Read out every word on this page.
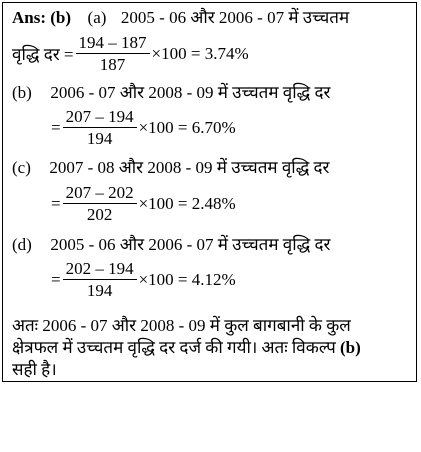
Ans: (b) (a) 2005 - 06 और 2006 - 07 में उच्चतम
वृद्धि दर = $\frac{194 - 187}{187} \times 100 = 3.74\%$
(b) 2006 - 07 और 2008 - 09 में उच्चतम वृद्धि दर
= $\frac{207 - 194}{194} \times 100 = 6.70\%$
(c) 2007 - 08 और 2008 - 09 में उच्चतम वृद्धि दर
= $\frac{207 - 202}{202} \times 100 = 2.48\%$
(d) 2005 - 06 और 2006 - 07 में उच्चतम वृद्धि दर
= $\frac{202 - 194}{194} \times 100 = 4.12\%$
अतः 2006 - 07 और 2008 - 09 में कुल बागबानी के कुल
क्षेत्रफल में उच्चतम वृद्धि दर दर्ज की गयी। अतः विकल्प (b)
सही है।
